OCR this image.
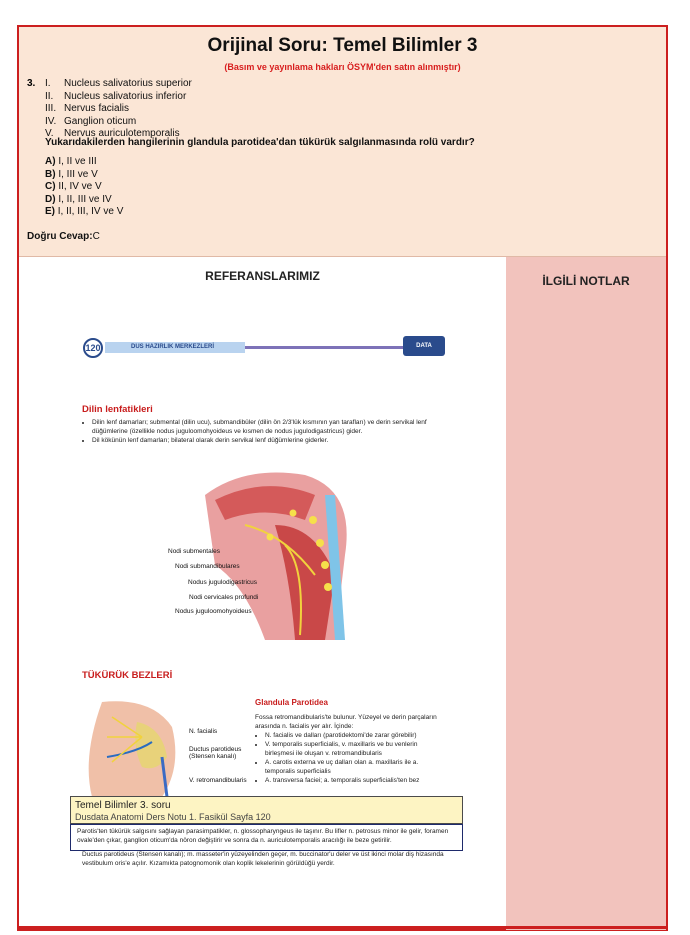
Orijinal Soru: Temel Bilimler 3
(Basım ve yayınlama hakları ÖSYM'den satın alınmıştır)
3. I.	Nucleus salivatorius superior
II.	Nucleus salivatorius inferior
III. Nervus facialis
IV. Ganglion oticum
V.	Nervus auriculotemporalis
Yukarıdakilerden hangilerinin glandula parotidea'dan tükürük salgılanmasında rolü vardır?
A) I, II ve III
B) I, III ve V
C) II, IV ve V
D) I, II, III ve IV
E) I, II, III, IV ve V
Doğru Cevap:C
REFERANSLARIMIZ
120	DUS HAZIRLIK MERKEZLERİ	DATA
Dilin lenfatikleri
• Dilin lenf damarları; submental (dilin ucu), submandibüler (dilin ön 2/3'lük kısmının yan tarafları) ve derin servikal lenf düğümlerine (özellikle nodus juguloomohyoideus ve kısmen de nodus jugulodigastricus) gider.
• Dil kökünün lenf damarları; bilateral olarak derin servikal lenf düğümlerine giderler.
Nodi submentales
Nodi submandibulares
Nodus jugulodigastricus
Nodi cervicales profundi
Nodus juguloomohyoideus
TÜKÜRÜK BEZLERİ
N. facialis
Ductus parotideus (Stensen kanalı)
V. retromandibularis
Glandula Parotidea
Fossa retromandibularis'te bulunur. Yüzeyel ve derin parçaların arasında n. facialis yer alır. İçinde:
• N. facialis ve dalları (parotidektomi'de zarar görebilir)
• V. temporalis superficialis, v. maxillaris ve bu venlerin birleşmesi ile oluşan v. retromandibularis
• A. carotis externa ve uç dalları olan a. maxillaris ile a. temporalis superficialis
• A. transversa faciei; a. temporalis superficialis'ten bez
Ductus parotideus (Stensen kanalı); m. masseter'in yüzeyelinden geçer, m. buccinator'u deler ve üst ikinci molar diş hizasında vestibulum oris'e açılır. Kızamıkta patognomonik olan koplik lekelerinin görüldüğü yerdir.
Temel Bilimler 3. soru
Dusdata Anatomi Ders Notu 1. Fasikül Sayfa 120
Parotis'ten tükürük salgısını sağlayan parasimpatikler, n. glossopharyngeus ile taşınır. Bu lifler n. petrosus minor ile gelir, foramen ovale'den çıkar, ganglion oticum'da nöron değiştirir ve sonra da n. auriculotemporalis aracılığı ile beze getirilir.
İLGİLİ NOTLAR
